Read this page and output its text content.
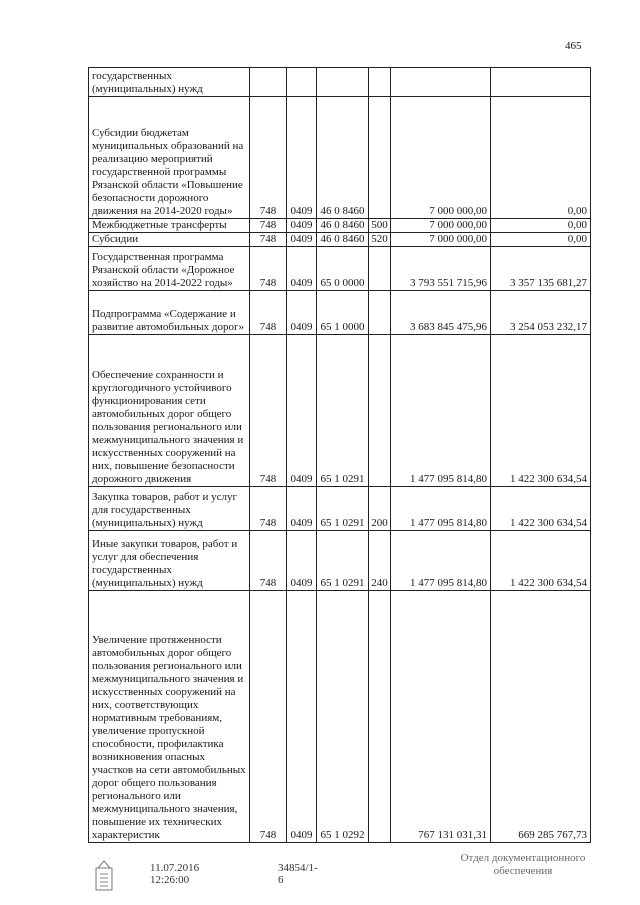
465
государственных (муниципальных) нужд						
Субсидии бюджетам муниципальных образований на реализацию мероприятий государственной программы Рязанской области «Повышение безопасности дорожного движения на 2014-2020 годы»	748	0409	46 0 8460		7 000 000,00	0,00
Межбюджетные трансферты	748	0409	46 0 8460	500	7 000 000,00	0,00
Субсидии	748	0409	46 0 8460	520	7 000 000,00	0,00
Государственная программа Рязанской области «Дорожное хозяйство на 2014-2022 годы»	748	0409	65 0 0000		3 793 551 715,96	3 357 135 681,27
Подпрограмма «Содержание и развитие автомобильных дорог»	748	0409	65 1 0000		3 683 845 475,96	3 254 053 232,17
Обеспечение сохранности и круглогодичного устойчивого функционирования сети автомобильных дорог общего пользования регионального или межмуниципального значения и искусственных сооружений на них, повышение безопасности дорожного движения	748	0409	65 1 0291		1 477 095 814,80	1 422 300 634,54
Закупка товаров, работ и услуг для государственных (муниципальных) нужд	748	0409	65 1 0291	200	1 477 095 814,80	1 422 300 634,54
Иные закупки товаров, работ и услуг для обеспечения государственных (муниципальных) нужд	748	0409	65 1 0291	240	1 477 095 814,80	1 422 300 634,54
Увеличение протяженности автомобильных дорог общего пользования регионального или межмуниципального значения и искусственных сооружений на них, соответствующих нормативным требованиям, увеличение пропускной способности, профилактика возникновения опасных участков на сети автомобильных дорог общего пользования регионального или межмуниципального значения, повышение их технических характеристик	748	0409	65 1 0292		767 131 031,31	669 285 767,73
11.07.2016 12:26:00
34854/1-6
Отдел документационного
обеспечения
